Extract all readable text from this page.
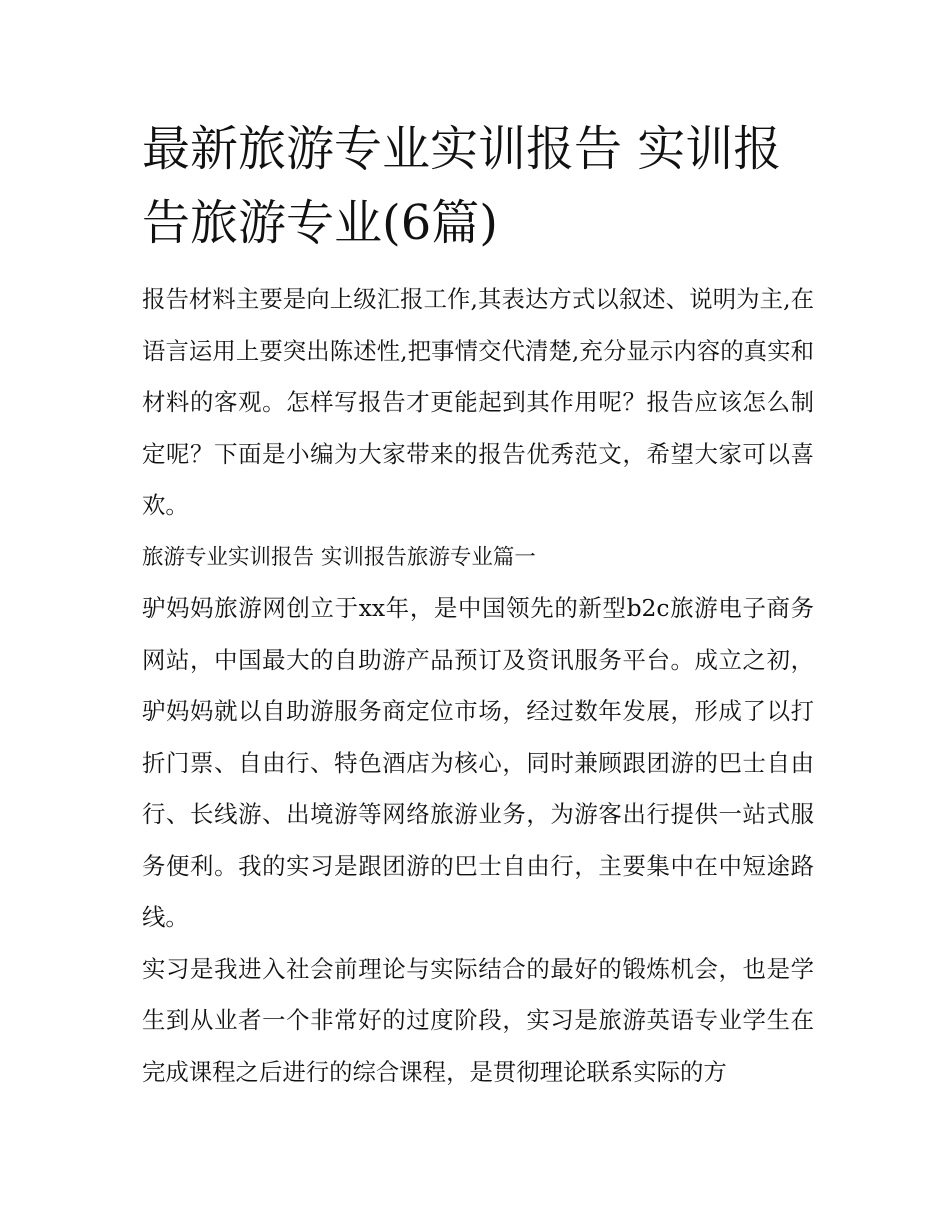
最新旅游专业实训报告 实训报告旅游专业(6篇)

报告材料主要是向上级汇报工作,其表达方式以叙述、说明为主,在语言运用上要突出陈述性,把事情交代清楚,充分显示内容的真实和材料的客观。怎样写报告才更能起到其作用呢？报告应该怎么制定呢？下面是小编为大家带来的报告优秀范文，希望大家可以喜欢。

旅游专业实训报告 实训报告旅游专业篇一

驴妈妈旅游网创立于xx年，是中国领先的新型b2c旅游电子商务网站，中国最大的自助游产品预订及资讯服务平台。成立之初，驴妈妈就以自助游服务商定位市场，经过数年发展，形成了以打折门票、自由行、特色酒店为核心，同时兼顾跟团游的巴士自由行、长线游、出境游等网络旅游业务，为游客出行提供一站式服务便利。我的实习是跟团游的巴士自由行，主要集中在中短途路线。

实习是我进入社会前理论与实际结合的最好的锻炼机会，也是学生到从业者一个非常好的过度阶段，实习是旅游英语专业学生在完成课程之后进行的综合课程，是贯彻理论联系实际的方
